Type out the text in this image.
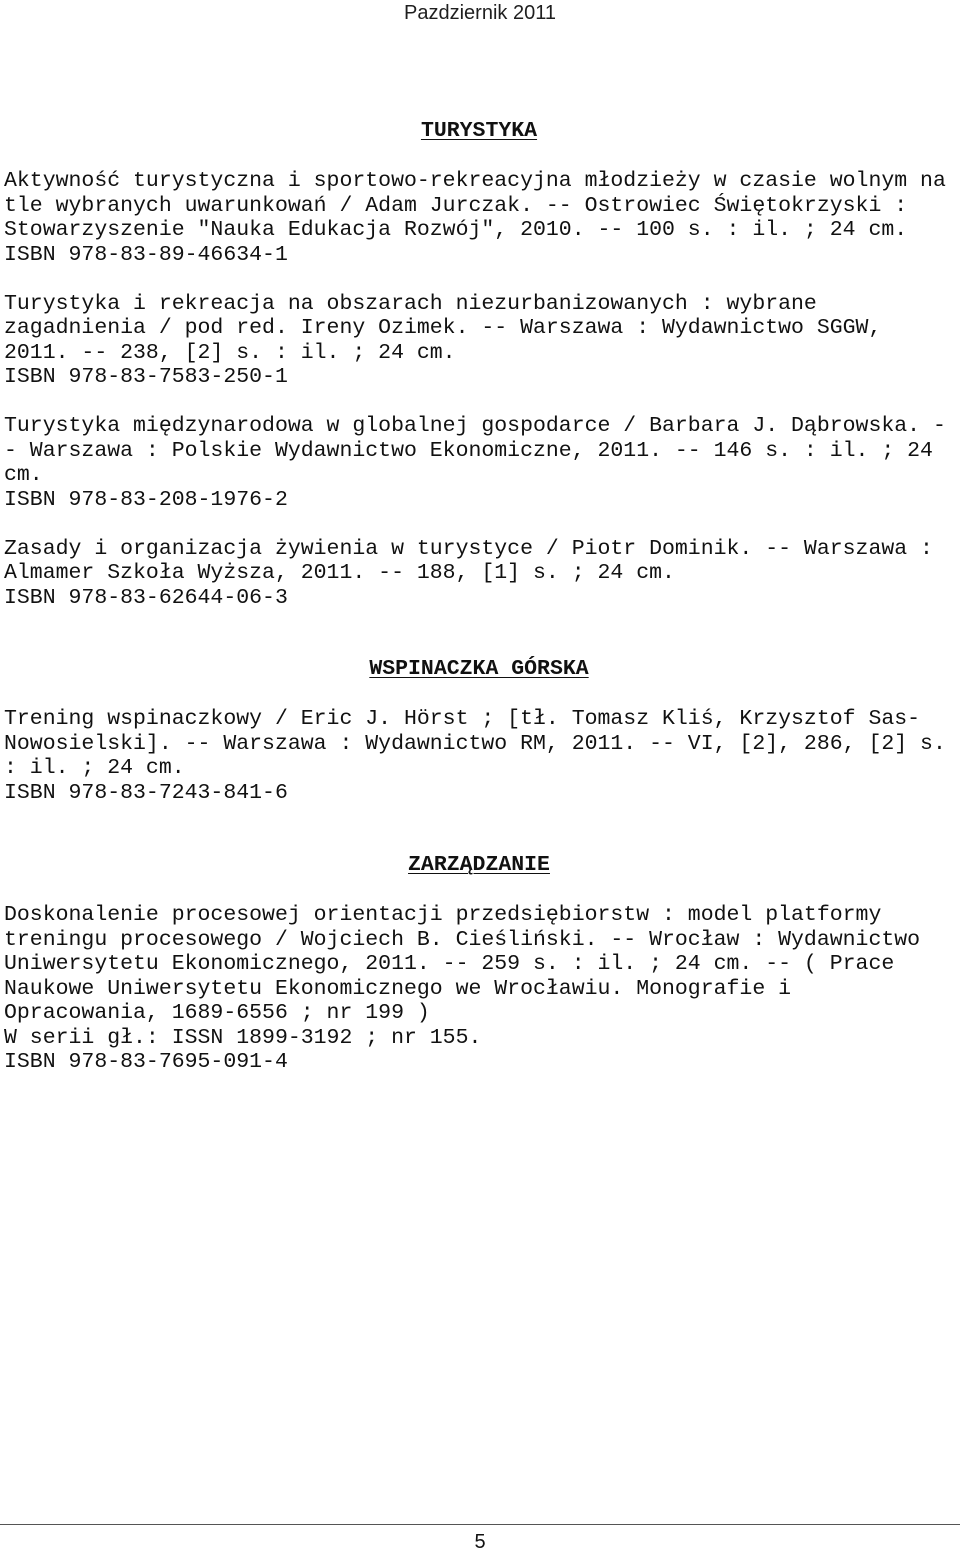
Pazdziernik 2011
TURYSTYKA
Aktywność turystyczna i sportowo-rekreacyjna młodzieży w czasie wolnym na
tle wybranych uwarunkowań / Adam Jurczak. -- Ostrowiec Świętokrzyski :
Stowarzyszenie "Nauka Edukacja Rozwój", 2010. -- 100 s. : il. ; 24 cm.
ISBN 978-83-89-46634-1
Turystyka i rekreacja na obszarach niezurbanizowanych : wybrane
zagadnienia / pod red. Ireny Ozimek. -- Warszawa : Wydawnictwo SGGW,
2011. -- 238, [2] s. : il. ; 24 cm.
ISBN 978-83-7583-250-1
Turystyka międzynarodowa w globalnej gospodarce / Barbara J. Dąbrowska. -
- Warszawa : Polskie Wydawnictwo Ekonomiczne, 2011. -- 146 s. : il. ; 24
cm.
ISBN 978-83-208-1976-2
Zasady i organizacja żywienia w turystyce / Piotr Dominik. -- Warszawa :
Almamer Szkoła Wyższa, 2011. -- 188, [1] s. ; 24 cm.
ISBN 978-83-62644-06-3
WSPINACZKA GÓRSKA
Trening wspinaczkowy / Eric J. Hörst ; [tł. Tomasz Kliś, Krzysztof Sas-
Nowosielski]. -- Warszawa : Wydawnictwo RM, 2011. -- VI, [2], 286, [2] s.
: il. ; 24 cm.
ISBN 978-83-7243-841-6
ZARZĄDZANIE
Doskonalenie procesowej orientacji przedsiębiorstw : model platformy
treningu procesowego / Wojciech B. Cieśliński. -- Wrocław : Wydawnictwo
Uniwersytetu Ekonomicznego, 2011. -- 259 s. : il. ; 24 cm. -- ( Prace
Naukowe Uniwersytetu Ekonomicznego we Wrocławiu. Monografie i
Opracowania, 1689-6556 ; nr 199 )
W serii gł.: ISSN 1899-3192 ; nr 155.
ISBN 978-83-7695-091-4
5
